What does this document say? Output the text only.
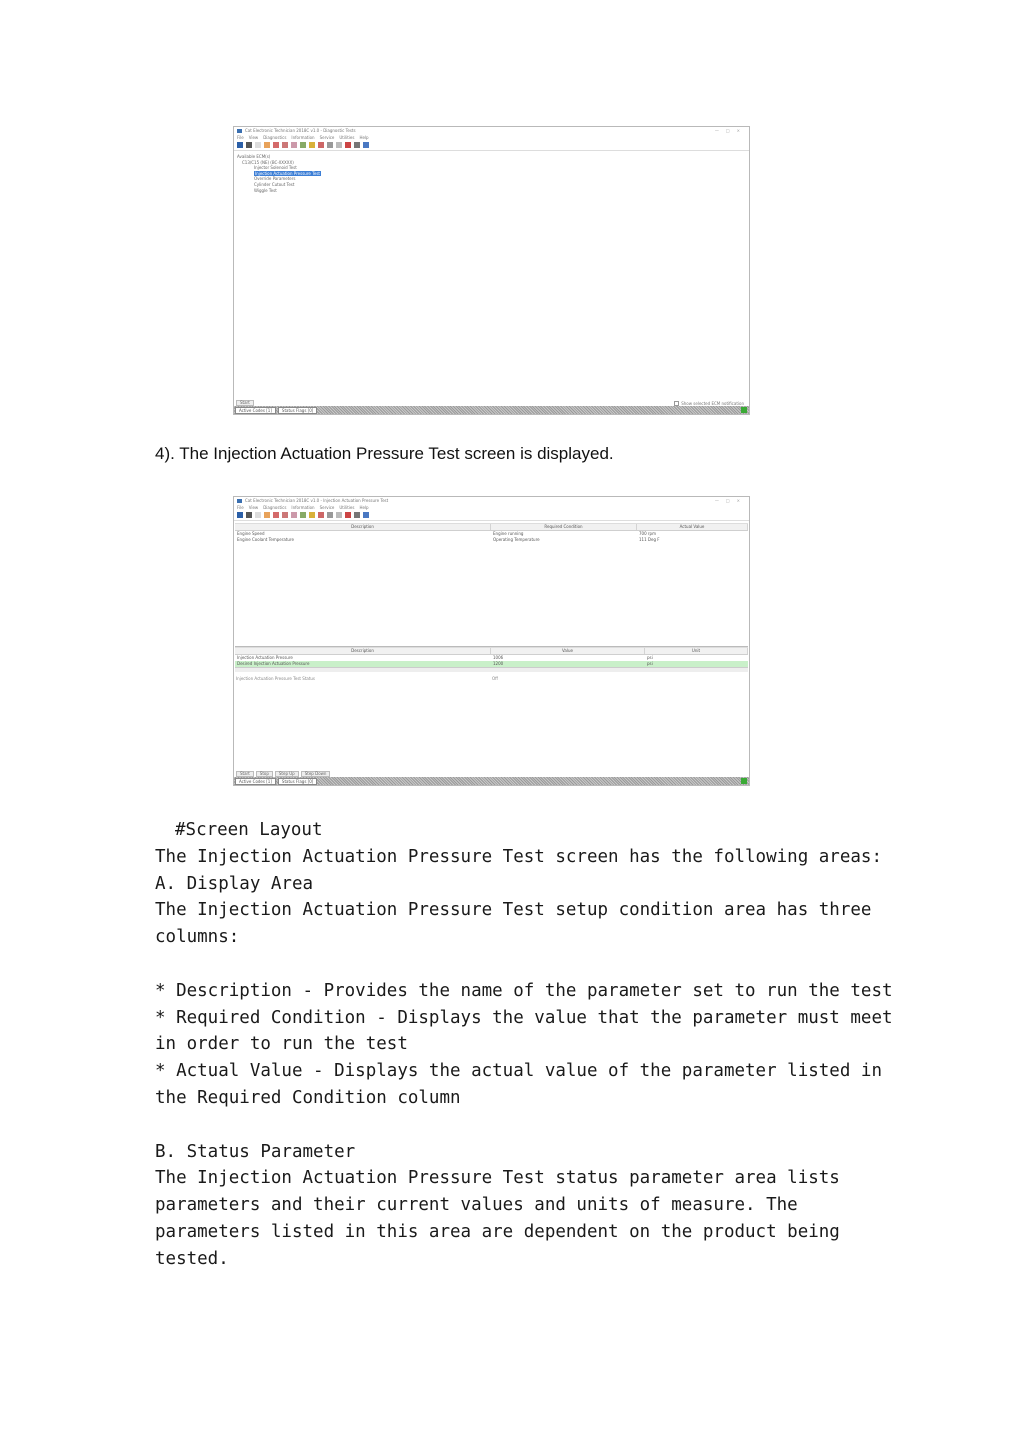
Cat Electronic Technician 2018C v1.0 - Diagnostic Tests	— □ ×
File View Diagnostics Information Service Utilities Help
Available ECM(s)
C13/C15 (NE) (BC-XXXXX)
Injector Solenoid Test
Injection Actuation Pressure Test
Override Parameters
Cylinder Cutout Test
Wiggle Test
Start	Show selected ECM notification
Active Codes [1]	Status Flags [0]
4). The Injection Actuation Pressure Test screen is displayed.
Cat Electronic Technician 2018C v1.0 - Injection Actuation Pressure Test	— □ ×
File View Diagnostics Information Service Utilities Help
Description	Required Condition	Actual Value
Engine Speed	Engine running	700 rpm
Engine Coolant Temperature	Operating Temperature	111 Deg F
Description	Value	Unit
Injection Actuation Pressure	1006	psi
Desired Injection Actuation Pressure	1200	psi
Injection Actuation Pressure Test Status	Off
Start	Stop	Step Up	Step Down
Active Codes [1]	Status Flags [0]

#Screen Layout

The Injection Actuation Pressure Test screen has the following areas:

A. Display Area

The Injection Actuation Pressure Test setup condition area has three columns:

* Description - Provides the name of the parameter set to run the test

* Required Condition - Displays the value that the parameter must meet in order to run the test

* Actual Value - Displays the actual value of the parameter listed in the Required Condition column

B. Status Parameter

The Injection Actuation Pressure Test status parameter area lists parameters and their current values and units of measure. The parameters listed in this area are dependent on the product being tested.
